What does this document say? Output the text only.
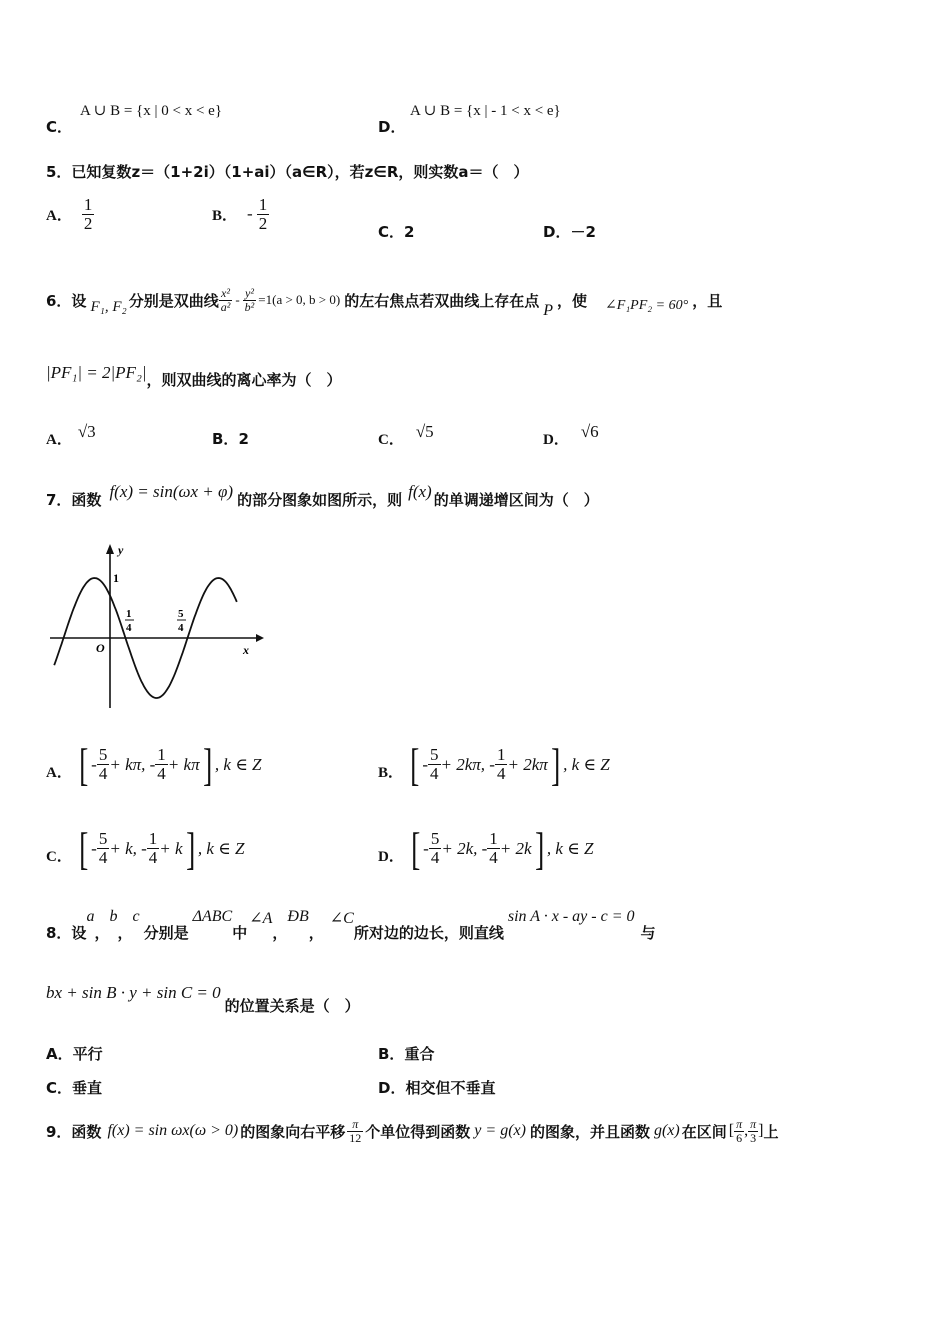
C．
A ∪ B = {x | 0 < x < e}
D．
A ∪ B = {x | - 1 < x < e}
5．已知复数z＝（1+2i）（1+ai）（a∈R），若z∈R，则实数a＝（　）
A． $\frac{1}{2}$	B． - $\frac{1}{2}$	C．2	D．－2
6．设 F₁, F₂ 分别是双曲线 $\frac{\text{x²}}{\text{a²}} - \frac{\text{y²}}{\text{b²}} =1(a > 0$, b > 0) 的左右焦点若双曲线上存在点
P
，使 ∠F₁PF₂ = 60° ，且
|PF₁| = 2|PF₂| ，则双曲线的离心率为（　）
A． √3	B．2	C． √5	D． √6
7．函数 f(x) = sin(ωx + φ) 的部分图象如图所示，则 f(x) 的单调递增区间为（　）
y
x
O
1
1
4
5
4
A． [ - $\frac{5}{4} + k\pi$, - $\frac{1}{4} + k\pi$ ] , k ∈ Z	B． [ - $\frac{5}{4} + 2k\pi$, - $\frac{1}{4} + 2k\pi$ ] , k ∈ Z
C． [ - $\frac{5}{4} + k$, - $\frac{1}{4} + k$ ] , k ∈ Z	D． [ - $\frac{5}{4} + 2k$, - $\frac{1}{4} + 2k$ ] , k ∈ Z
8．设
a
，
b
，
c
分别是
ΔABC
中
∠A
，
ÐB
，
∠C
所对边的边长，则直线
sin A · x - ay - c = 0
与
bx + sin B · y + sin C = 0
的位置关系是（　）
A．平行	B．重合
C．垂直	D．相交但不垂直
9．函数 f(x) = sin ωx(ω > 0) 的图象向右平移 $\frac{\pi}{12}$ 个单位得到函数 y = g(x) 的图象，并且函数 g(x) 在区间 [ $\frac{\pi}{6}$ , $\frac{\pi}{3}$ ] 上
